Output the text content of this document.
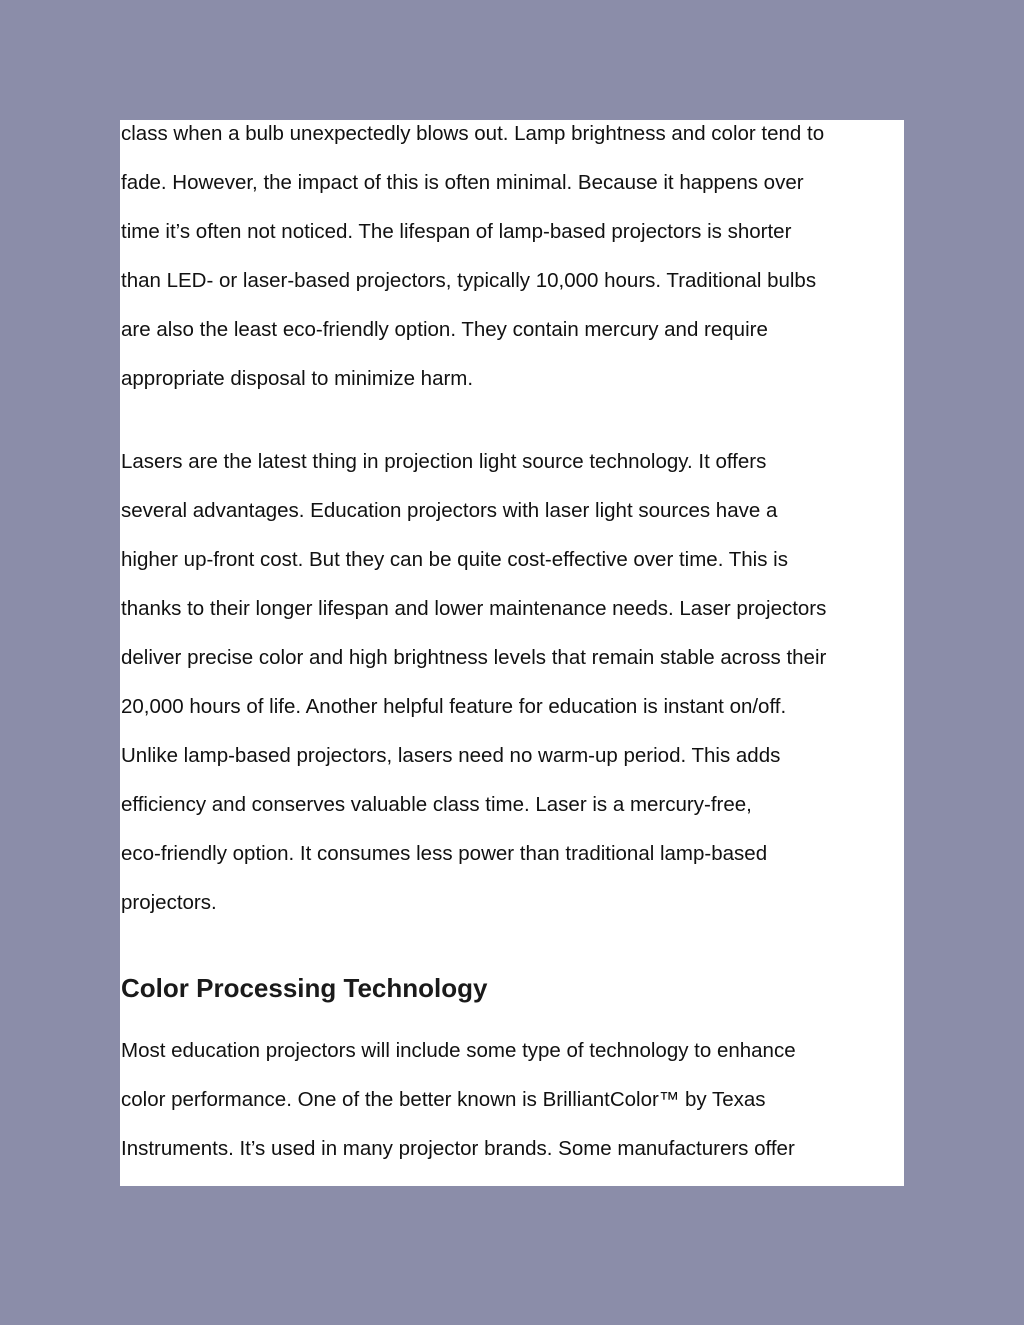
class when a bulb unexpectedly blows out. Lamp brightness and color tend to
fade. However, the impact of this is often minimal. Because it happens over
time it’s often not noticed. The lifespan of lamp-based projectors is shorter
than LED- or laser-based projectors, typically 10,000 hours. Traditional bulbs
are also the least eco-friendly option. They contain mercury and require
appropriate disposal to minimize harm.
Lasers are the latest thing in projection light source technology. It offers
several advantages. Education projectors with laser light sources have a
higher up-front cost. But they can be quite cost-effective over time. This is
thanks to their longer lifespan and lower maintenance needs. Laser projectors
deliver precise color and high brightness levels that remain stable across their
20,000 hours of life. Another helpful feature for education is instant on/off.
Unlike lamp-based projectors, lasers need no warm-up period. This adds
efficiency and conserves valuable class time. Laser is a mercury-free,
eco-friendly option. It consumes less power than traditional lamp-based
projectors.
Color Processing Technology
Most education projectors will include some type of technology to enhance
color performance. One of the better known is BrilliantColor™ by Texas
Instruments. It’s used in many projector brands. Some manufacturers offer
